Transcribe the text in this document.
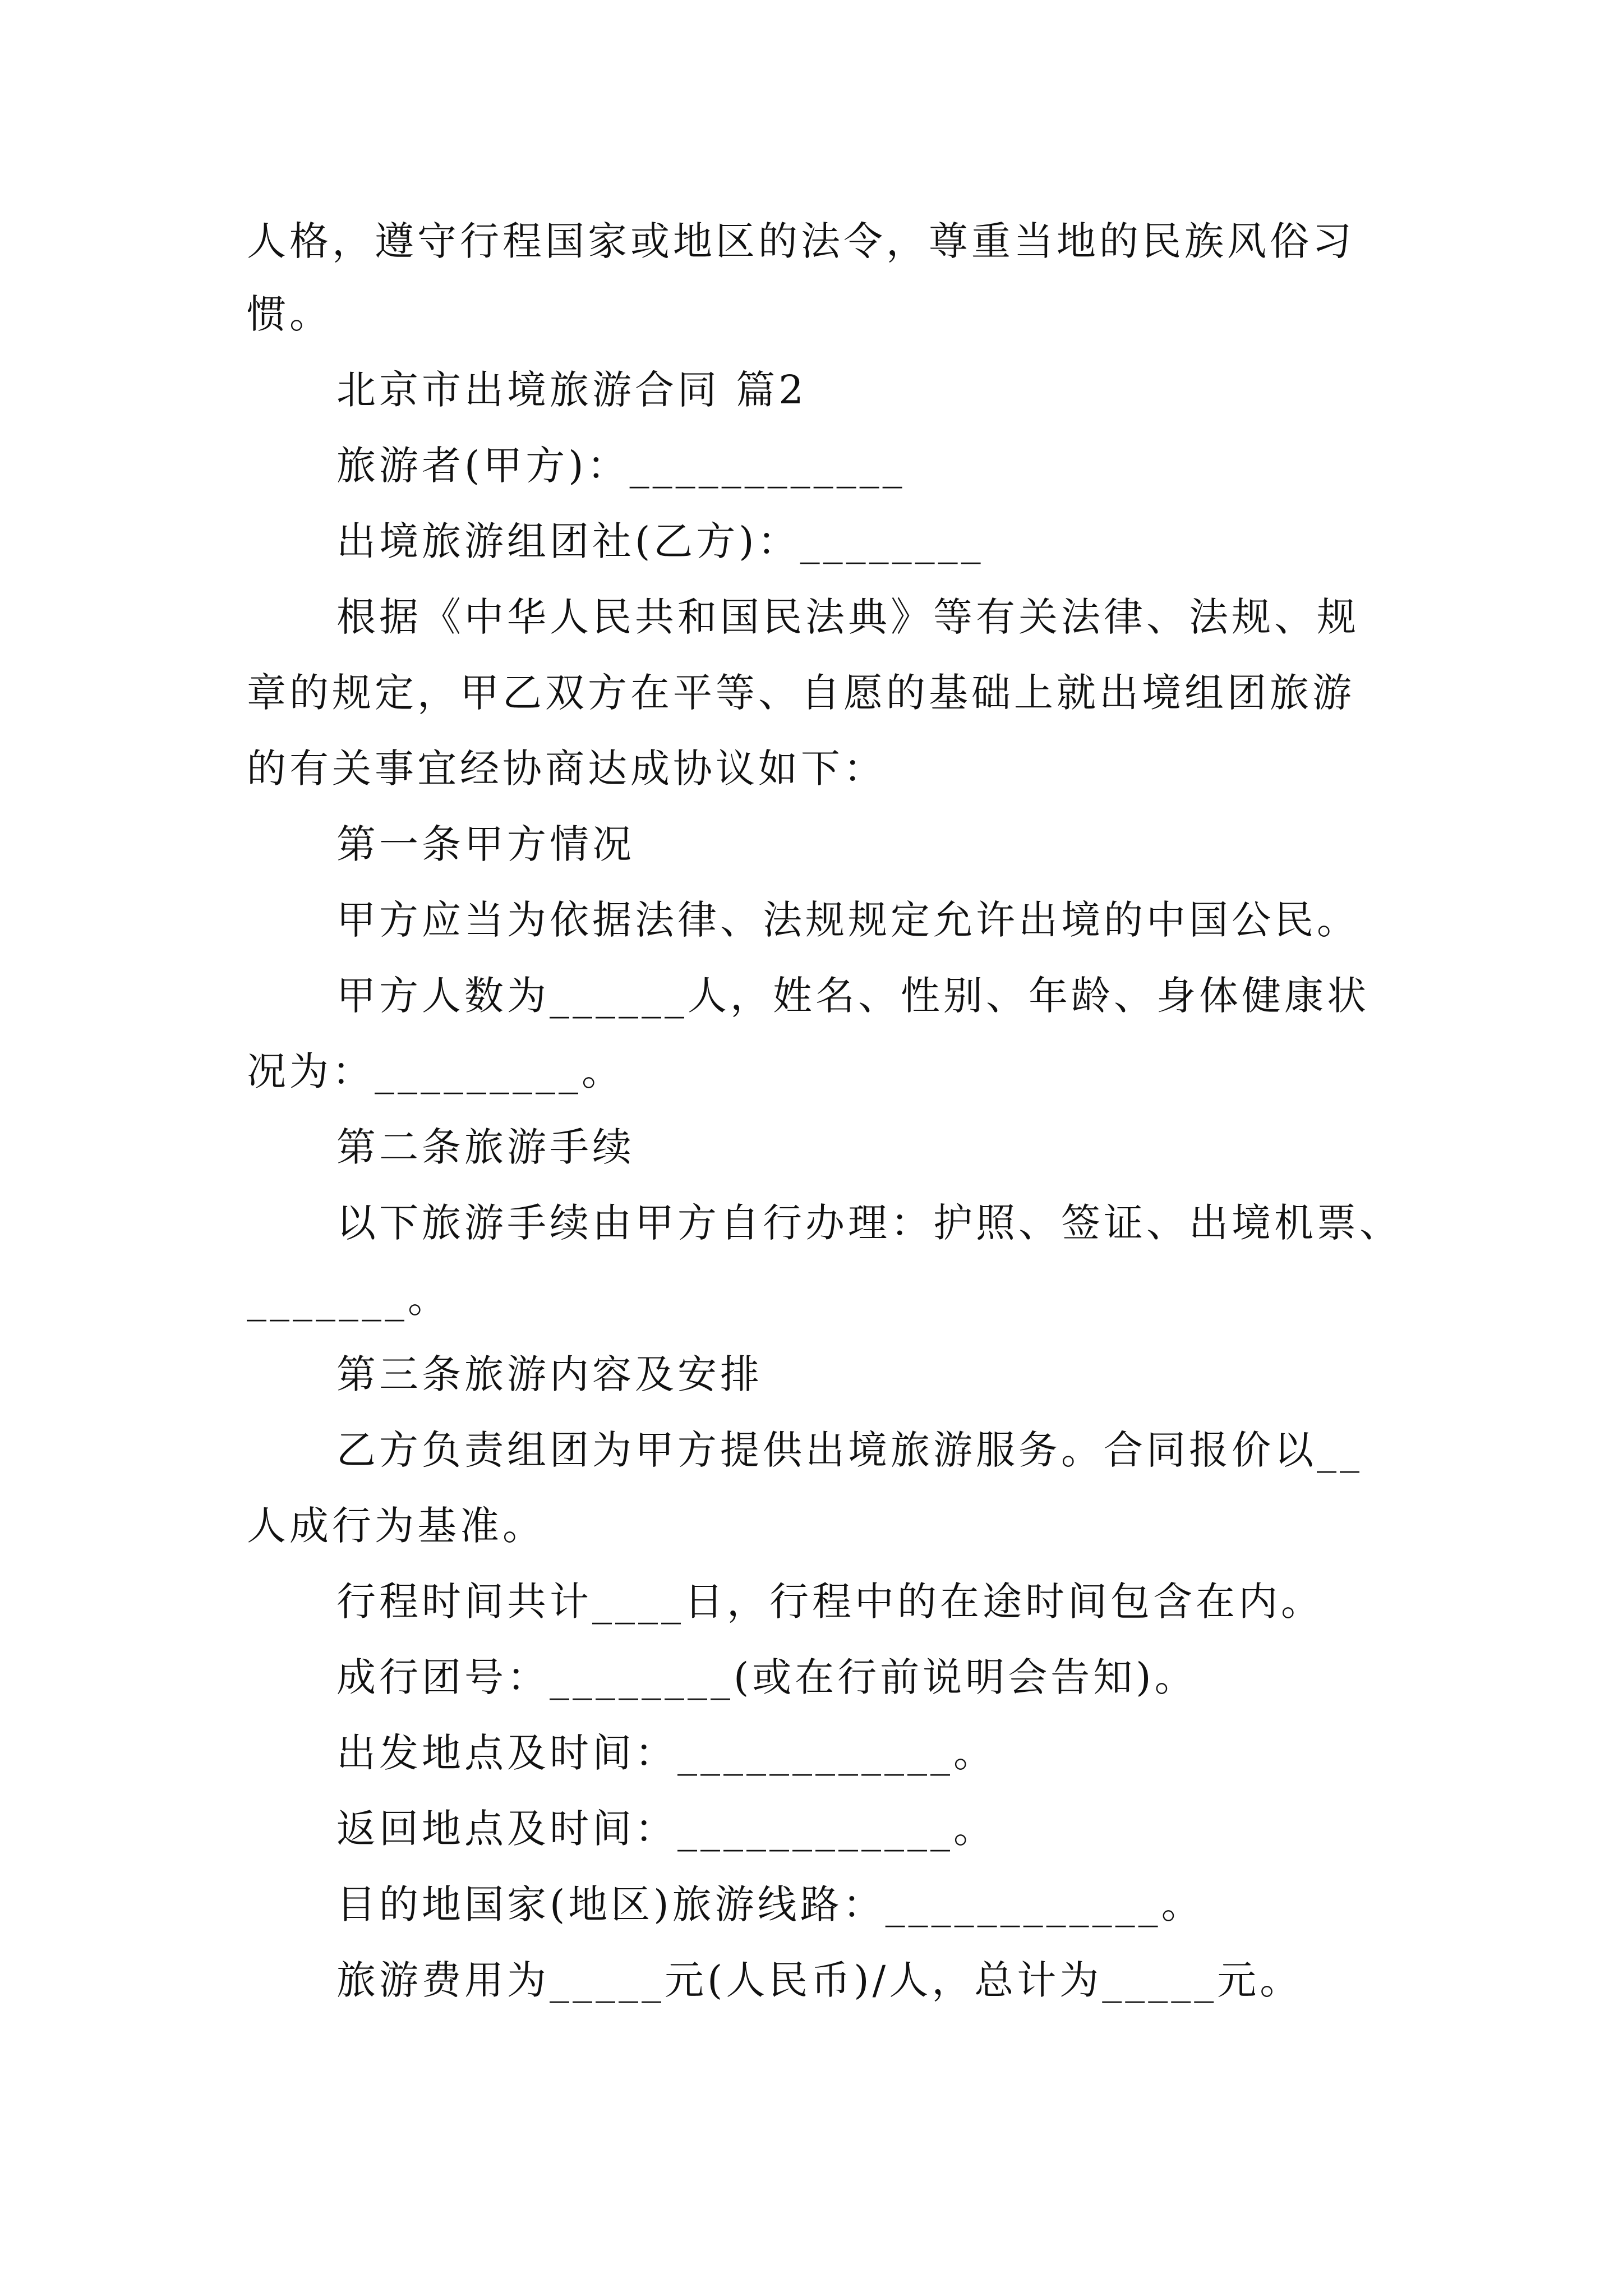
人格，遵守行程国家或地区的法令，尊重当地的民族风俗习
惯。
北京市出境旅游合同 篇2
旅游者(甲方)：____________
出境旅游组团社(乙方)：________
根据《中华人民共和国民法典》等有关法律、法规、规
章的规定，甲乙双方在平等、自愿的基础上就出境组团旅游
的有关事宜经协商达成协议如下：
第一条甲方情况
甲方应当为依据法律、法规规定允许出境的中国公民。
甲方人数为______人，姓名、性别、年龄、身体健康状
况为：_________。
第二条旅游手续
以下旅游手续由甲方自行办理：护照、签证、出境机票、
_______。
第三条旅游内容及安排
乙方负责组团为甲方提供出境旅游服务。合同报价以__
人成行为基准。
行程时间共计____日，行程中的在途时间包含在内。
成行团号：________(或在行前说明会告知)。
出发地点及时间：____________。
返回地点及时间：____________。
目的地国家(地区)旅游线路：____________。
旅游费用为_____元(人民币)/人，总计为_____元。
